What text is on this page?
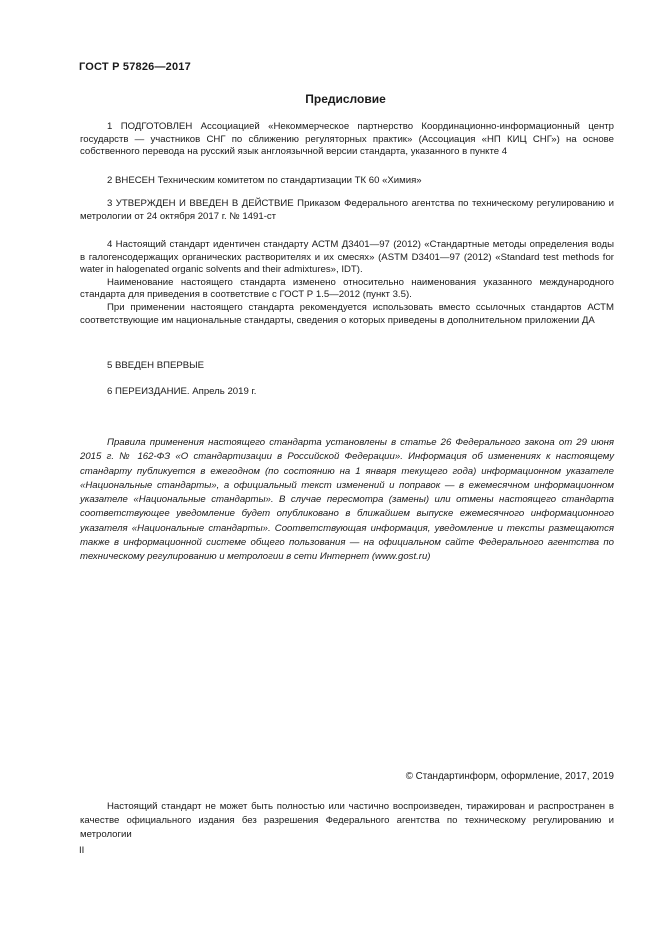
ГОСТ Р 57826—2017
Предисловие

1 ПОДГОТОВЛЕН Ассоциацией «Некоммерческое партнерство Координационно-информационный центр государств — участников СНГ по сближению регуляторных практик» (Ассоциация «НП КИЦ СНГ») на основе собственного перевода на русский язык англоязычной версии стандарта, указанного в пункте 4

2 ВНЕСЕН Техническим комитетом по стандартизации ТК 60 «Химия»

3 УТВЕРЖДЕН И ВВЕДЕН В ДЕЙСТВИЕ Приказом Федерального агентства по техническому регулированию и метрологии от 24 октября 2017 г. № 1491-ст

4 Настоящий стандарт идентичен стандарту АСТМ Д3401—97 (2012) «Стандартные методы определения воды в галогенсодержащих органических растворителях и их смесях» (ASTM D3401—97 (2012) «Standard test methods for water in halogenated organic solvents and their admixtures», IDT).

Наименование настоящего стандарта изменено относительно наименования указанного международного стандарта для приведения в соответствие с ГОСТ Р 1.5—2012 (пункт 3.5).

При применении настоящего стандарта рекомендуется использовать вместо ссылочных стандартов АСТМ соответствующие им национальные стандарты, сведения о которых приведены в дополнительном приложении ДА

5 ВВЕДЕН ВПЕРВЫЕ

6 ПЕРЕИЗДАНИЕ. Апрель 2019 г.

Правила применения настоящего стандарта установлены в статье 26 Федерального закона от 29 июня 2015 г. № 162-ФЗ «О стандартизации в Российской Федерации». Информация об изменениях к настоящему стандарту публикуется в ежегодном (по состоянию на 1 января текущего года) информационном указателе «Национальные стандарты», а официальный текст изменений и поправок — в ежемесячном информационном указателе «Национальные стандарты». В случае пересмотра (замены) или отмены настоящего стандарта соответствующее уведомление будет опубликовано в ближайшем выпуске ежемесячного информационного указателя «Национальные стандарты». Соответствующая информация, уведомление и тексты размещаются также в информационной системе общего пользования — на официальном сайте Федерального агентства по техническому регулированию и метрологии в сети Интернет (www.gost.ru)

© Стандартинформ, оформление, 2017, 2019

Настоящий стандарт не может быть полностью или частично воспроизведен, тиражирован и распространен в качестве официального издания без разрешения Федерального агентства по техническому регулированию и метрологии

II
